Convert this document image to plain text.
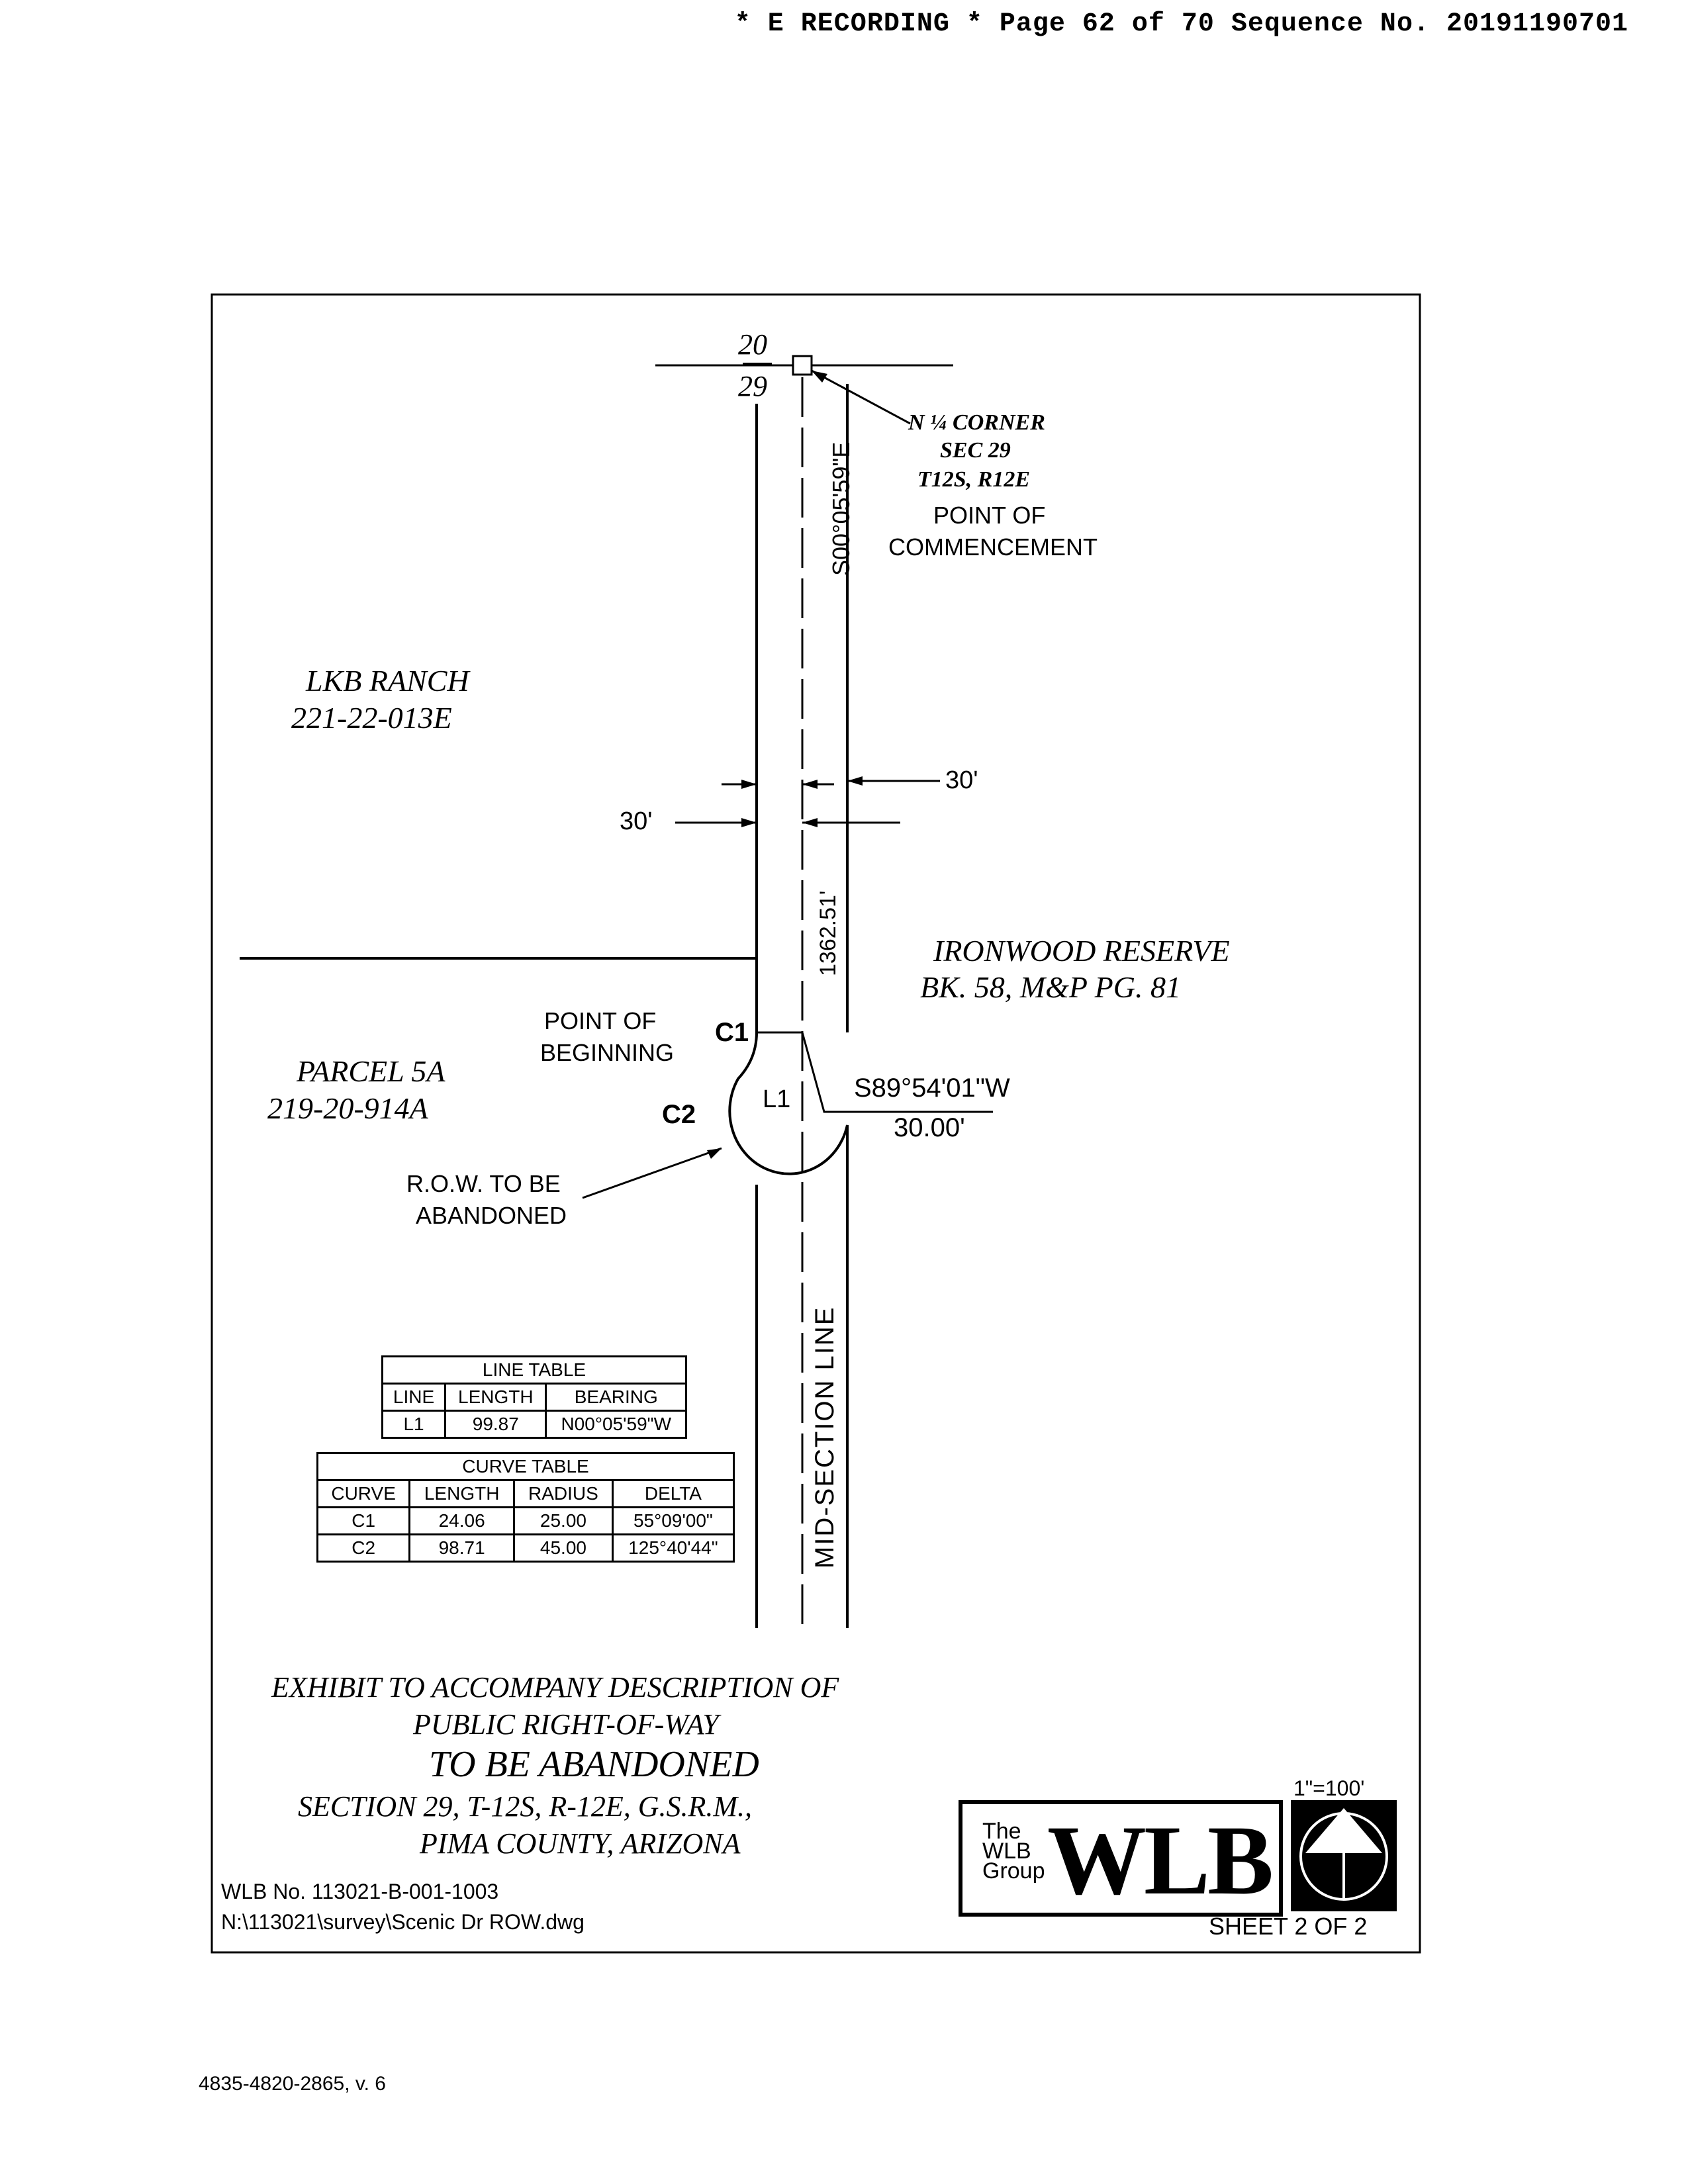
* E RECORDING * Page 62 of 70 Sequence No. 20191190701
20
29
N ¼ CORNER
SEC 29
T12S, R12E
POINT OF
COMMENCEMENT
S00°05'59"E
1362.51'
30'
30'
LKB RANCH
221-22-013E
IRONWOOD RESERVE
BK. 58, M&P PG. 81
PARCEL 5A
219-20-914A
POINT OF
BEGINNING
C1
C2
L1 S89°54'01"W
30.00'
R.O.W. TO BE
ABANDONED
MID-SECTION LINE
LINE TABLE		
LINE	LENGTH	BEARING
L1	99.87	N00°05'59"W
CURVE TABLE			
CURVE	LENGTH	RADIUS	DELTA
C1	24.06	25.00	55°09'00"
C2	98.71	45.00	125°40'44"
EXHIBIT TO ACCOMPANY DESCRIPTION OF
PUBLIC RIGHT-OF-WAY
TO BE ABANDONED
SECTION 29, T-12S, R-12E, G.S.R.M.,
PIMA COUNTY, ARIZONA
WLB No. 113021-B-001-1003
N:\113021\survey\Scenic Dr ROW.dwg
1"=100'
The
WLB
Group WLB
SHEET 2 OF 2
4835-4820-2865, v. 6
